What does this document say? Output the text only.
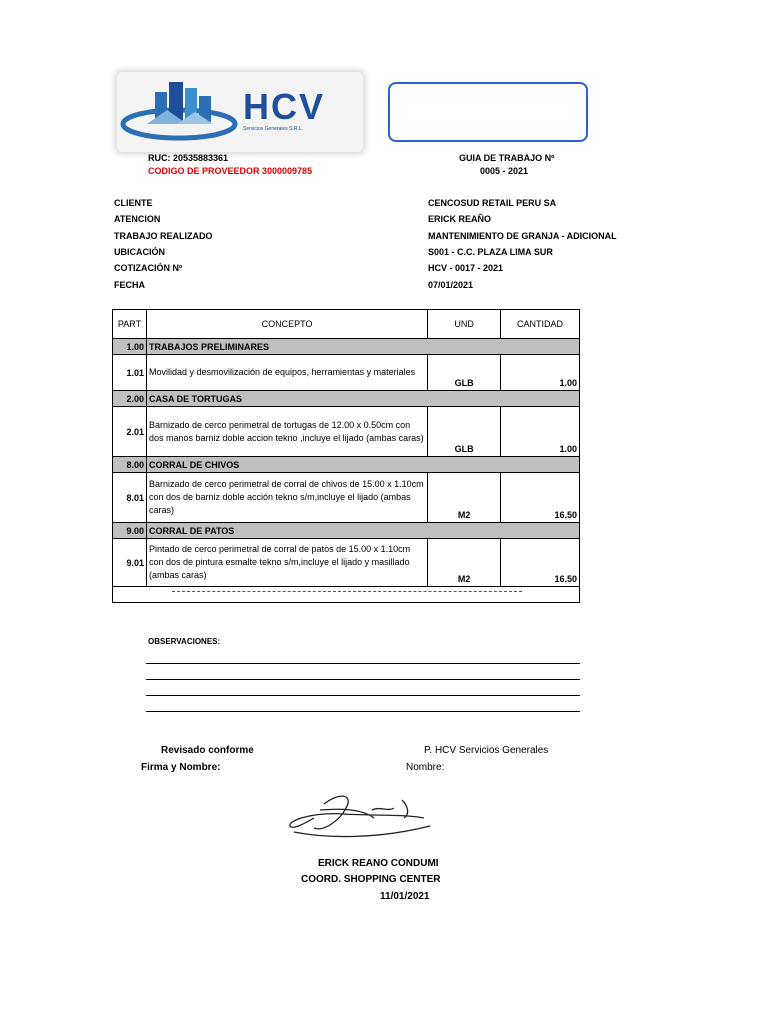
HCV
Servicios Generales S.R.L.
RUC: 20535883361
CODIGO DE PROVEEDOR 3000009785
GUIA DE TRABAJO Nº
0005 - 2021
CLIENTE	CENCOSUD RETAIL PERU SA
ATENCION	ERICK REAÑO
TRABAJO REALIZADO	MANTENIMIENTO DE GRANJA - ADICIONAL
UBICACIÓN	S001 - C.C. PLAZA LIMA SUR
COTIZACIÓN Nº	HCV - 0017 - 2021
FECHA	07/01/2021
PART	CONCEPTO	UND	CANTIDAD
1.00	TRABAJOS PRELIMINARES		
1.01	Movilidad y desmovilización de equipos, herramientas y materiales	GLB	1.00
2.00	CASA DE TORTUGAS		
2.01	Barnizado de cerco perimetral de tortugas de 12.00 x 0.50cm con dos manos barniz doble accion tekno ,incluye el lijado (ambas caras)	GLB	1.00
8.00	CORRAL DE CHIVOS		
8.01	Barnizado de cerco perimetral de corral de chivos de 15.00 x 1.10cm con dos de barniz doble acción tekno s/m,incluye el lijado (ambas caras)	M2	16.50
9.00	CORRAL DE PATOS		
9.01	Pintado de cerco perimetral de corral de patos de 15.00 x 1.10cm con dos de pintura esmalte tekno s/m,incluye el lijado y masillado (ambas caras)	M2	16.50

OBSERVACIONES:
Revisado conforme
Firma y Nombre:
P. HCV Servicios Generales
Nombre:
ERICK REANO CONDUMI
COORD. SHOPPING CENTER
11/01/2021
